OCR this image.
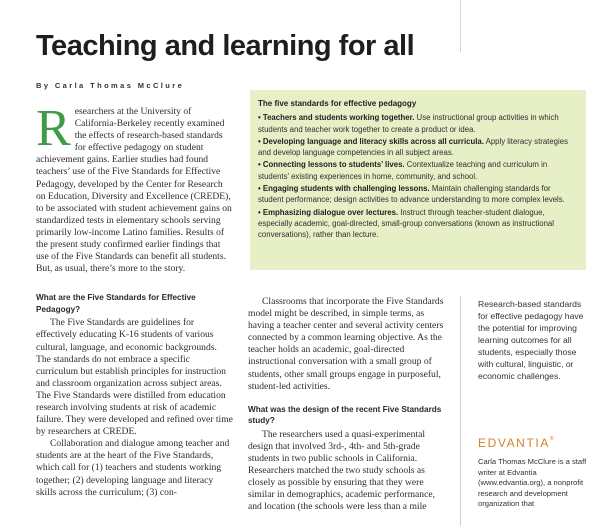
Teaching and learning for all
By Carla Thomas McClure

Researchers at the University of California-Berkeley recently examined the effects of research-based standards for effective pedagogy on student achievement gains. Earlier studies had found teachers’ use of the Five Standards for Effective Pedagogy, developed by the Center for Research on Education, Diversity and Excellence (CREDE), to be associated with student achievement gains on standardized tests in elementary schools serving primarily low-income Latino families. Results of the present study confirmed earlier findings that use of the Five Standards can benefit all students. But, as usual, there’s more to the story.

What are the Five Standards for Effective Pedagogy?

The Five Standards are guidelines for effectively educating K-16 students of various cultural, language, and economic backgrounds. The standards do not embrace a specific curriculum but establish principles for instruction and classroom organization across subject areas. The Five Standards were distilled from education research involving students at risk of academic failure. They were developed and refined over time by researchers at CREDE.

Collaboration and dialogue among teacher and students are at the heart of the Five Standards, which call for (1) teachers and students working together; (2) developing language and literacy skills across the curriculum; (3) con-

The five standards for effective pedagogy

• Teachers and students working together. Use instructional group activities in which students and teacher work together to create a product or idea.

• Developing language and literacy skills across all curricula. Apply literacy strategies and develop language competencies in all subject areas.

• Connecting lessons to students’ lives. Contextualize teaching and curriculum in students’ existing experiences in home, community, and school.

• Engaging students with challenging lessons. Maintain challenging standards for student performance; design activities to advance understanding to more complex levels.

• Emphasizing dialogue over lectures. Instruct through teacher-student dialogue, especially academic, goal-directed, small-group conversations (known as instructional conversations), rather than lecture.

Classrooms that incorporate the Five Standards model might be described, in simple terms, as having a teacher center and several activity centers connected by a common learning objective. As the teacher holds an academic, goal-directed instructional conversation with a small group of students, other small groups engage in purposeful, student-led activities.

What was the design of the recent Five Standards study?

The researchers used a quasi-experimental design that involved 3rd-, 4th- and 5th-grade students in two public schools in California. Researchers matched the two study schools as closely as possible by ensuring that they were similar in demographics, academic performance, and location (the schools were less than a mile

Research-based standards for effective pedagogy have the potential for improving learning outcomes for all students, especially those with cultural, linguistic, or economic challenges.
EDVANTIA®
Carla Thomas McClure is a staff writer at Edvantia (www.edvantia.org), a nonprofit research and development organization that
